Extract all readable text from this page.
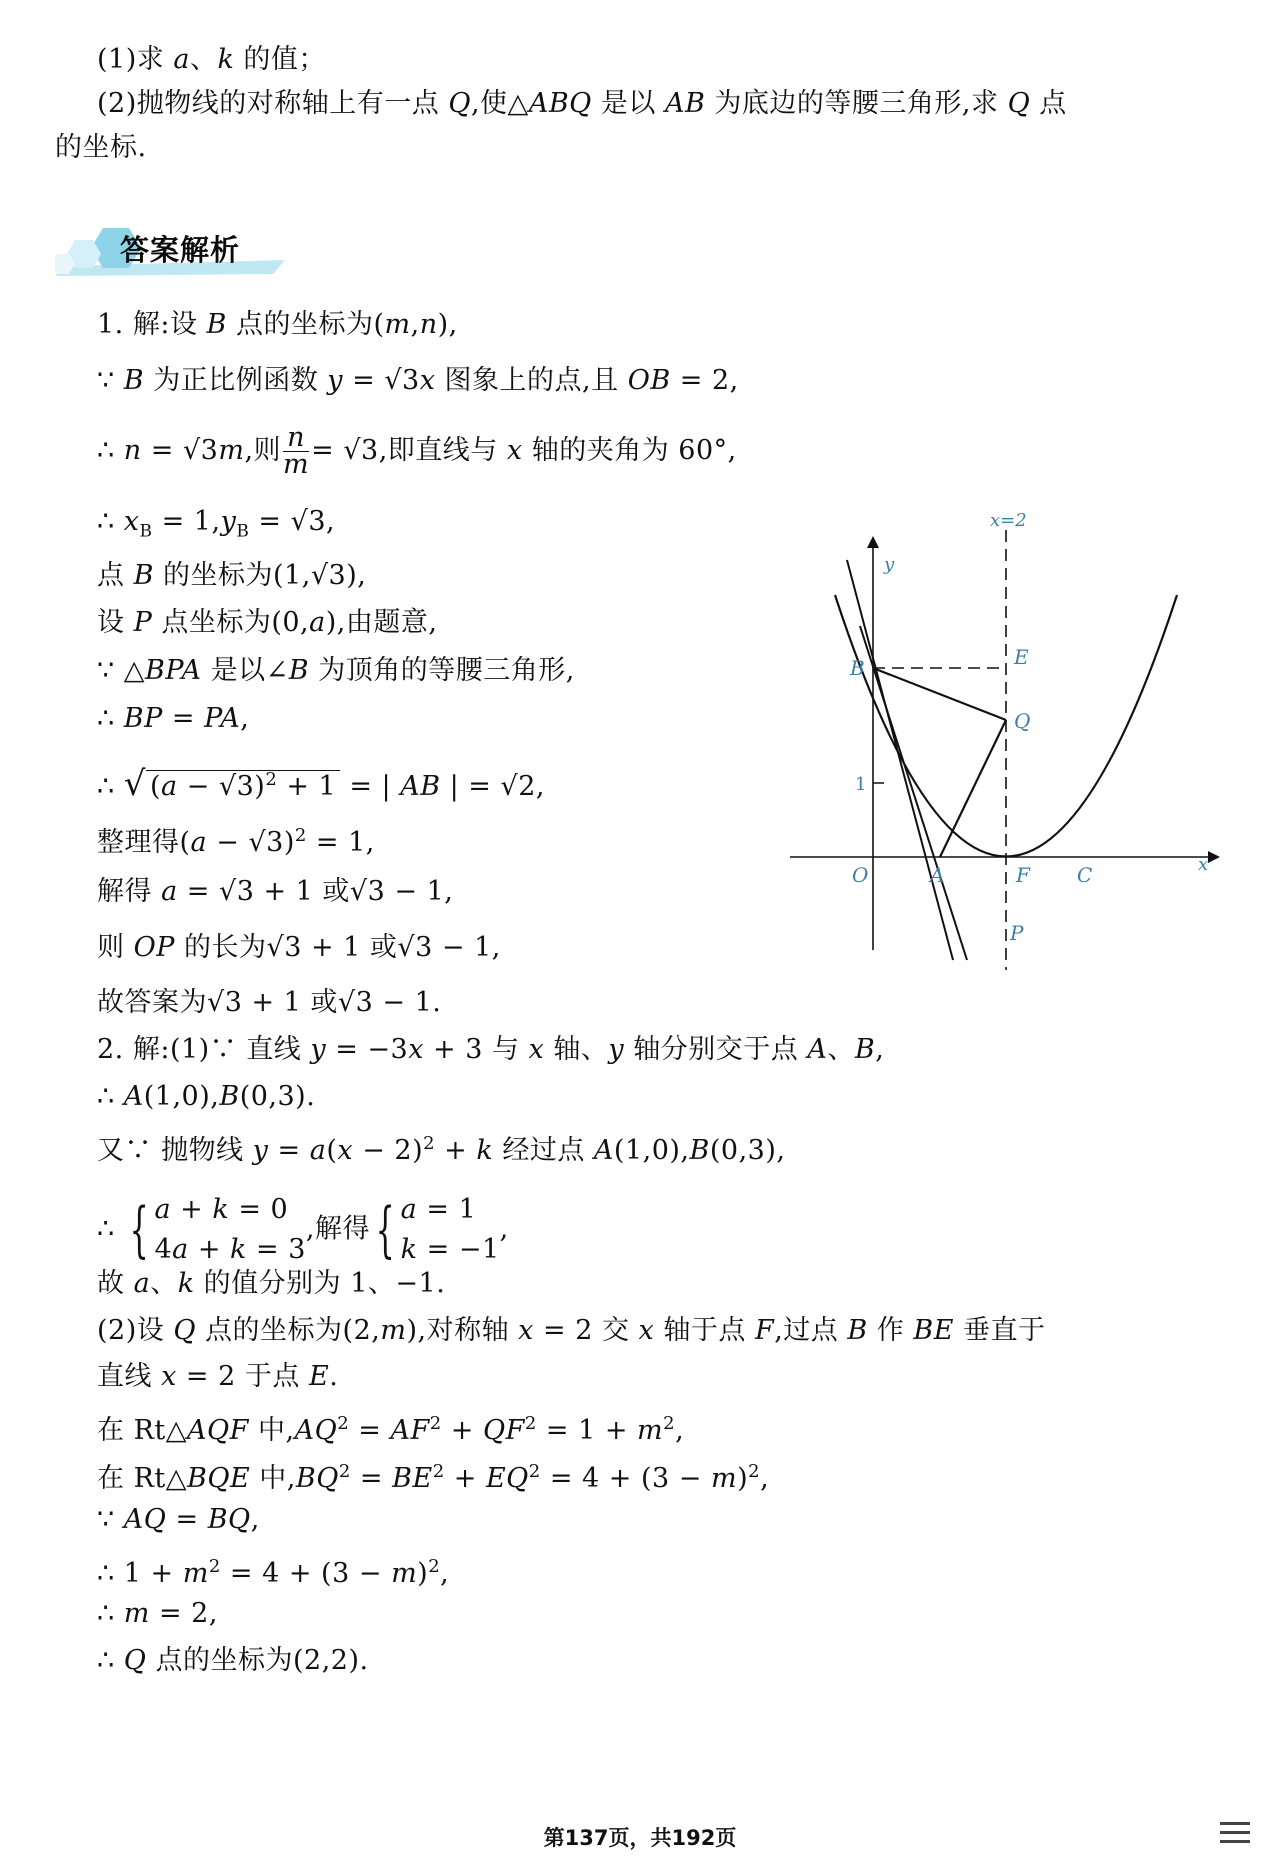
(1)求 a、k 的值；
(2)抛物线的对称轴上有一点 Q,使△ABQ 是以 AB 为底边的等腰三角形,求 Q 点
的坐标.
答案解析
1. 解:设 B 点的坐标为(m,n),
∵ B 为正比例函数 y = √3x 图象上的点,且 OB = 2,
∴ n = √3m,则 $\frac{n}{m} = √3$,即直线与 x 轴的夹角为 60°,
∴ $x_B = 1,y_B = √3$,
点 B 的坐标为(1,√3),
设 P 点坐标为(0,a),由题意,
∵ △BPA 是以∠B 为顶角的等腰三角形,
∴ BP = PA,
∴ √ $(a - √3)^2 + 1$ = | AB | = √2,
整理得$(a - √3)^2 = 1$,
解得 a = √3 + 1 或√3 − 1,
则 OP 的长为√3 + 1 或√3 − 1,
故答案为√3 + 1 或√3 − 1.
2. 解:(1)∵ 直线 y = −3x + 3 与 x 轴、y 轴分别交于点 A、B,
∴ A(1,0),B(0,3).
又∵ 抛物线 $y = a(x - 2)^2 + k$ 经过点 A(1,0),B(0,3),
∴ { a + k = 0
4a + k = 3
,解得{ a = 1
k = −1
,
故 a、k 的值分别为 1、−1.
(2)设 Q 点的坐标为(2,m),对称轴 x = 2 交 x 轴于点 F,过点 B 作 BE 垂直于
直线 x = 2 于点 E.
在 Rt△AQF 中$,AQ^2 = AF^2 + QF^2 = 1 + m^2$,
在 Rt△BQE 中$,BQ^2 = BE^2 + EQ^2 = 4 + (3 - m)^2$,
∵ AQ = BQ,
∴ $1 + m^2 = 4 + (3 - m)^2$,
∴ m = 2,
∴ Q 点的坐标为(2,2).
x=2
y
x
O	A
B
C
E
F
P
Q
1
第137页，共192页
